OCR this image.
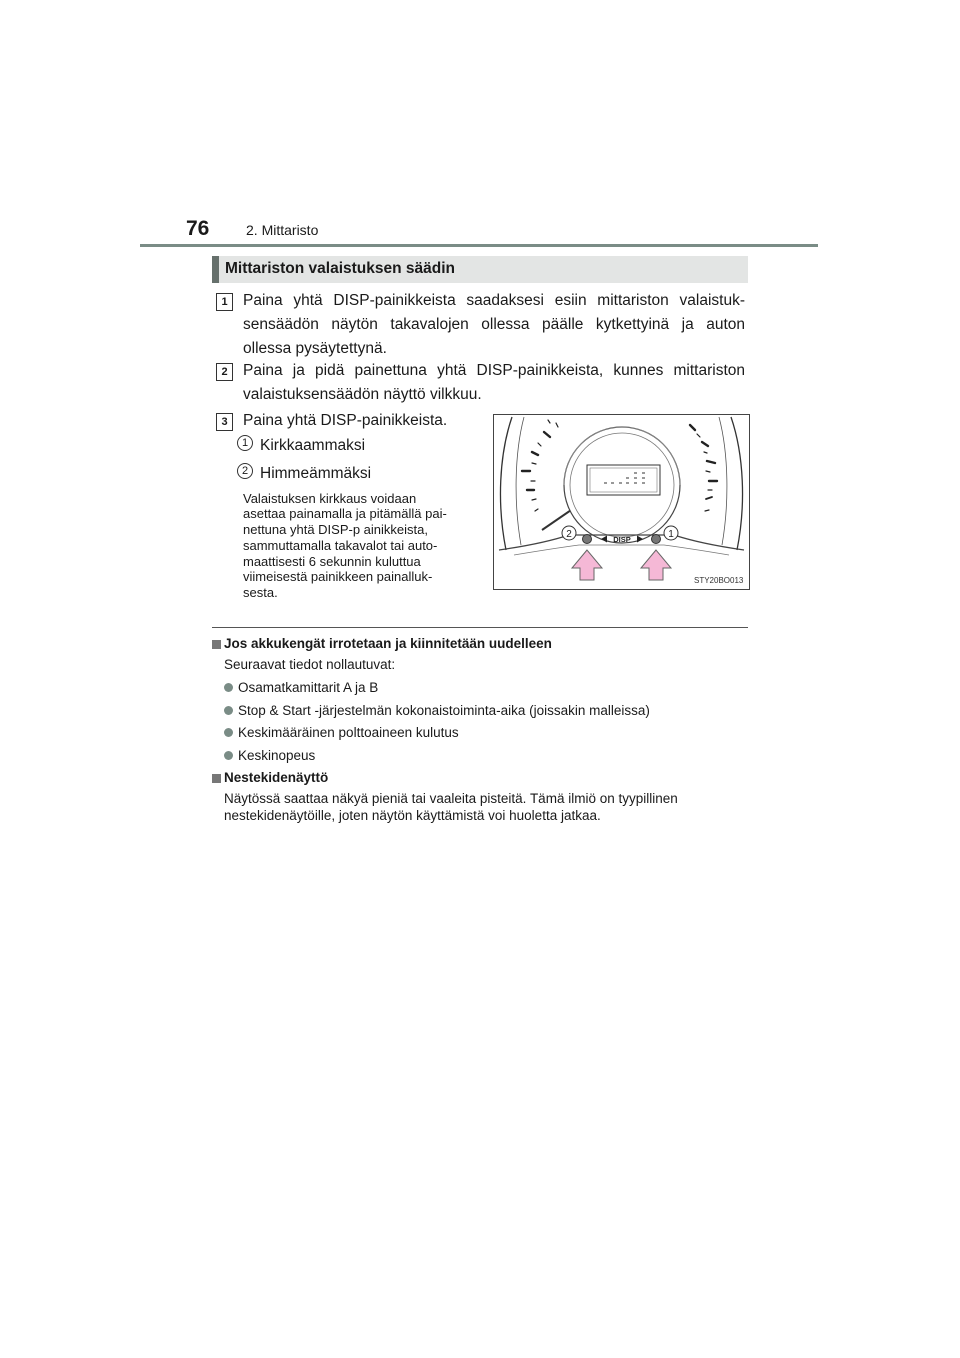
76	2. Mittaristo
Mittariston valaistuksen säädin
1 Paina yhtä DISP-painikkeista saadaksesi esiin mittariston valaistuk-
sensäädön näytön takavalojen ollessa päälle kytkettyinä ja auton
ollessa pysäytettynä.
2 Paina ja pidä painettuna yhtä DISP-painikkeista, kunnes mittariston
valaistuksensäädön näyttö vilkkuu.
3 Paina yhtä DISP-painikkeista.
1 Kirkkaammaksi
2 Himmeämmäksi
Valaistuksen kirkkaus voidaan
asettaa painamalla ja pitämällä pai-
nettuna yhtä DISP-p ainikkeista,
sammuttamalla takavalot tai auto-
maattisesti 6 sekunnin kuluttua
viimeisestä painikkeen painalluk-
sesta.
DISP
2	1
STY20BO013
Jos akkukengät irrotetaan ja kiinnitetään uudelleen
Seuraavat tiedot nollautuvat:
Osamatkamittarit A ja B
Stop & Start -järjestelmän kokonaistoiminta-aika (joissakin malleissa)
Keskimääräinen polttoaineen kulutus
Keskinopeus
Nestekidenäyttö
Näytössä saattaa näkyä pieniä tai vaaleita pisteitä. Tämä ilmiö on tyypillinen
nestekidenäytöille, joten näytön käyttämistä voi huoletta jatkaa.
